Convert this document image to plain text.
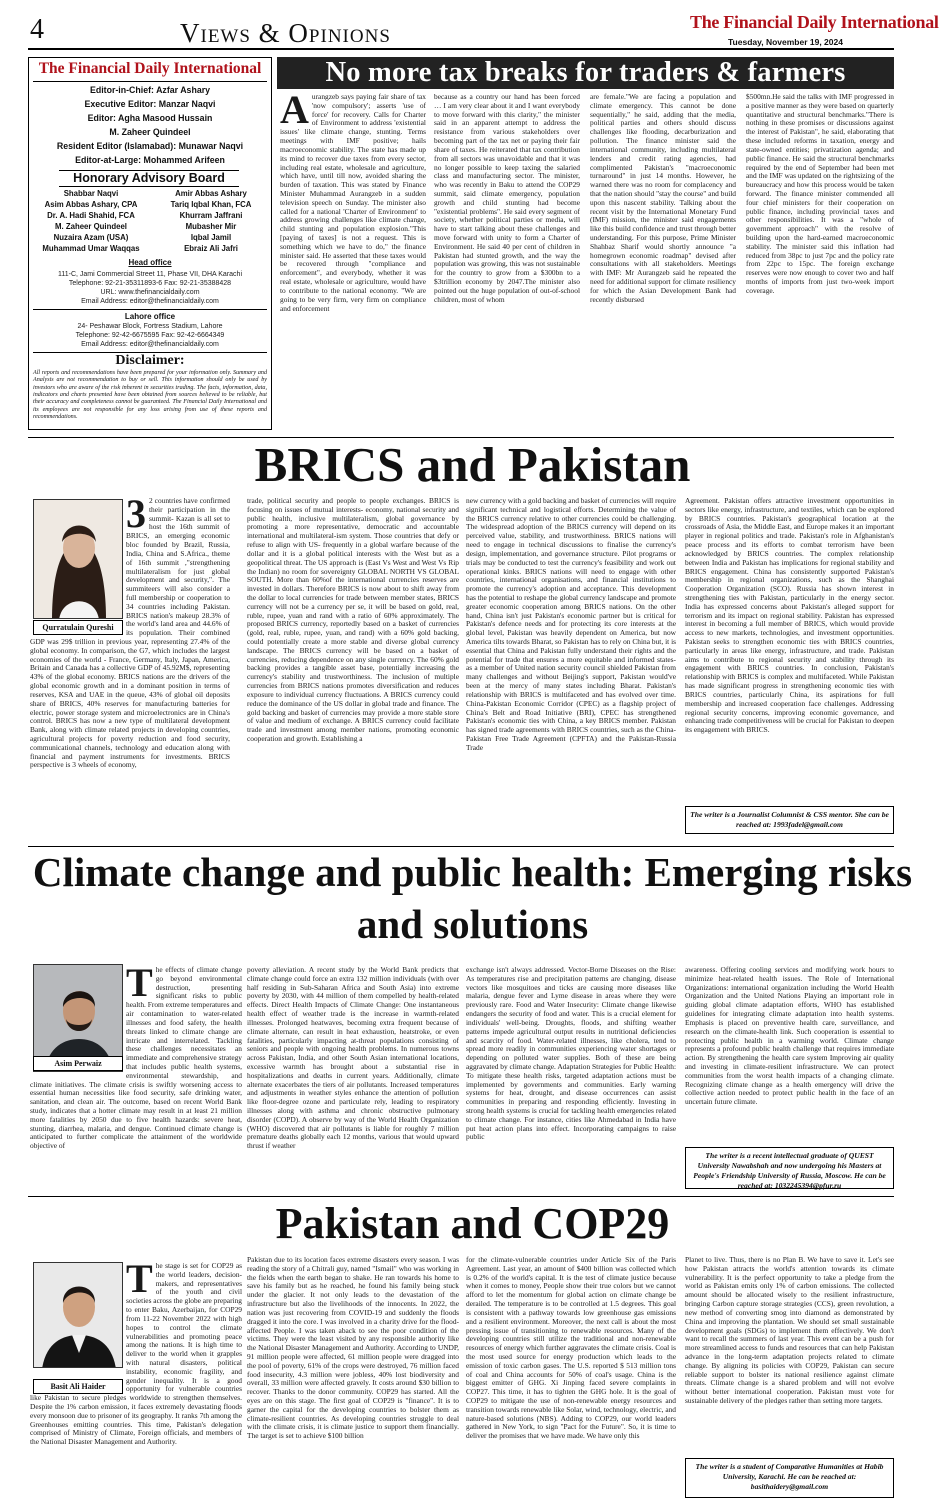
4	Views & Opinions	The Financial Daily International
Tuesday, November 19, 2024
The Financial Daily International
Editor-in-Chief: Azfar Ashary
Executive Editor: Manzar Naqvi
Editor: Agha Masood Hussain
M. Zaheer Quindeel
Resident Editor (Islamabad): Munawar Naqvi
Editor-at-Large: Mohammed Arifeen
Honorary Advisory Board
Shabbar Naqvi
Asim Abbas Ashary, CPA
Dr. A. Hadi Shahid, FCA
M. Zaheer Quindeel
Nuzaira Azam (USA)
Muhammad Umar Waqqas
Amir Abbas Ashary
Tariq Iqbal Khan, FCA
Khurram Jaffrani
Mubasher Mir
Iqbal Jamil
Ebraiz Ali Jafri
Head office
111-C, Jami Commercial Street 11, Phase VII, DHA Karachi
Telephone: 92-21-35311893-6 Fax: 92-21-35388428
URL: www.thefinancialdaily.com
Email Address: editor@thefinancialdaily.com
Lahore office
24- Peshawar Block, Fortress Stadium, Lahore
Telephone: 92-42-6675595 Fax: 92-42-6664349
Email Address: editor@thefinancialdaily.com
Disclaimer:
All reports and recommendations have been prepared for your information only. Summary and Analysis are not recommendation to buy or sell. This information should only be used by investors who are aware of the risk inherent in securities trading. The facts, information, data, indicators and charts presented have been obtained from sources believed to be reliable, but their accuracy and completeness cannot be guaranteed. The Financial Daily International and its employees are not responsible for any loss arising from use of these reports and recommendations.
No more tax breaks for traders & farmers
Aurangzeb says paying fair share of tax 'now compulsory'; asserts 'use of force' for recovery. Calls for Charter of Environment to address 'existential issues' like climate change, stunting. Terms meetings with IMF positive; hails macroeconomic stability. The state has made up its mind to recover due taxes from every sector, including real estate, wholesale and agriculture, which have, until till now, avoided sharing the burden of taxation. This was stated by Finance Minister Muhammad Aurangzeb in a sudden television speech on Sunday. The minister also called for a national 'Charter of Environment' to address growing challenges like climate change, child stunting and population explosion."This [paying of taxes] is not a request. This is something which we have to do," the finance minister said. He asserted that these taxes would be recovered through "compliance and enforcement", and everybody, whether it was real estate, wholesale or agriculture, would have to contribute to the national economy. "We are going to be very firm, very firm on compliance and enforcement
because as a country our hand has been forced … I am very clear about it and I want everybody to move forward with this clarity," the minister said in an apparent attempt to address the resistance from various stakeholders over becoming part of the tax net or paying their fair share of taxes. He reiterated that tax contribution from all sectors was unavoidable and that it was no longer possible to keep taxing the salaried class and manufacturing sector. The minister, who was recently in Baku to attend the COP29 summit, said climate emergency, population growth and child stunting had become "existential problems". He said every segment of society, whether political parties or media, will have to start talking about these challenges and move forward with unity to form a Charter of Environment. He said 40 per cent of children in Pakistan had stunted growth, and the way the population was growing, this was not sustainable for the country to grow from a $300bn to a $3trillion economy by 2047.The minister also pointed out the huge population of out-of-school children, most of whom
are female."We are facing a population and climate emergency. This cannot be done sequentially," he said, adding that the media, political parties and others should discuss challenges like flooding, decarburization and pollution. The finance minister said the international community, including multilateral lenders and credit rating agencies, had complimented Pakistan's "macroeconomic turnaround" in just 14 months. However, he warned there was no room for complacency and that the nation should "stay the course" and build upon this nascent stability. Talking about the recent visit by the International Monetary Fund (IMF) mission, the minister said engagements like this build confidence and trust through better understanding. For this purpose, Prime Minister Shahbaz Sharif would shortly announce "a homegrown economic roadmap" devised after consultations with all stakeholders. Meetings with IMF: Mr Aurangzeb said he repeated the need for additional support for climate resiliency for which the Asian Development Bank had recently disbursed
$500mn.He said the talks with IMF progressed in a positive manner as they were based on quarterly quantitative and structural benchmarks."There is nothing in these promises or discussions against the interest of Pakistan", he said, elaborating that these included reforms in taxation, energy and state-owned entities; privatization agenda; and public finance. He said the structural benchmarks required by the end of September had been met and the IMF was updated on the rightsizing of the bureaucracy and how this process would be taken forward. The finance minister commended all four chief ministers for their cooperation on public finance, including provincial taxes and other responsibilities. It was a "whole of government approach" with the resolve of building upon the hard-earned macroeconomic stability. The minister said this inflation had reduced from 38pc to just 7pc and the policy rate from 22pc to 15pc. The foreign exchange reserves were now enough to cover two and half months of imports from just two-week import coverage.
BRICS and Pakistan
Qurratulain Qureshi
3 2 countries have confirmed their participation in the summit- Kazan is all set to host the 16th summit of BRICS, an emerging economic bloc founded by Brazil, Russia, India, China and S.Africa., theme of 16th summit ,"strengthening multilateralism for just global development and security,". The summiteers will also consider a full membership or cooperation to 34 countries including Pakistan. BRICS nation's makeup 28.3% of the world's land area and 44.6% of its population. Their combined GDP was 29$ trillion in previous year, representing 27.4% of the global economy. In comparison, the G7, which includes the largest economies of the world - France, Germany, Italy, Japan, America, Britain and Canada has a collective GDP of 45.92M$, representing 43% of the global economy. BRICS nations are the drivers of the global economic growth and in a dominant position in terms of reserves, KSA and UAE in the queue, 43% of global oil deposits share of BRICS, 40% reserves for manufacturing batteries for electric, power storage system and microelectronics are in China's control. BRICS has now a new type of multilateral development Bank, along with climate related projects in developing countries, agricultural projects for poverty reduction and food security, communicational channels, technology and education along with financial and payment instruments for investments. BRICS perspective is 3 wheels of economy,
trade, political security and people to people exchanges. BRICS is focusing on issues of mutual interests- economy, national security and public health, inclusive multilateralism, global governance by promoting a more representative, democratic and accountable international and multilateral-ism system. Those countries that defy or refuse to align with US- frequently in a global warfare because of the dollar and it is a global political interests with the West but as a geopolitical threat. The US approach is (East Vs West and West Vs Rip the Indian) no room for sovereignty GLOBAL NORTH VS GLOBAL SOUTH. More than 60%of the international currencies reserves are invested in dollars. Therefore BRICS is now about to shift away from the dollar to local currencies for trade between member states, BRICS currency will not be a currency per se, it will be based on gold, real, ruble, rupee, yuan and rand with a ratio of 60% approximately. The proposed BRICS currency, reportedly based on a basket of currencies (gold, real, ruble, rupee, yuan, and rand) with a 60% gold backing, could potentially create a more stable and diverse global currency landscape. The BRICS currency will be based on a basket of currencies, reducing dependence on any single currency. The 60% gold backing provides a tangible asset base, potentially increasing the currency's stability and trustworthiness. The inclusion of multiple currencies from BRICS nations promotes diversification and reduces exposure to individual currency fluctuations. A BRICS currency could reduce the dominance of the US dollar in global trade and finance. The gold backing and basket of currencies may provide a more stable store of value and medium of exchange. A BRICS currency could facilitate trade and investment among member nations, promoting economic cooperation and growth. Establishing a
new currency with a gold backing and basket of currencies will require significant technical and logistical efforts. Determining the value of the BRICS currency relative to other currencies could be challenging. The widespread adoption of the BRICS currency will depend on its perceived value, stability, and trustworthiness. BRICS nations will need to engage in technical discussions to finalise the currency's design, implementation, and governance structure. Pilot programs or trials may be conducted to test the currency's feasibility and work out operational kinks. BRICS nations will need to engage with other countries, international organisations, and financial institutions to promote the currency's adoption and acceptance. This development has the potential to reshape the global currency landscape and promote greater economic cooperation among BRICS nations. On the other hand, China isn't just Pakistan's economic partner but is critical for Pakistan's defence needs and for protecting its core interests at the global level, Pakistan was heavily dependent on America, but now America tilts towards Bharat, so Pakistan has to rely on China but, it is essential that China and Pakistan fully understand their rights and the potential for trade that ensures a more equitable and informed states- as a member of United nation security council shielded Pakistan from many challenges and without Beijing's support, Pakistan would've been at the mercy of many states including Bharat. Pakistan's relationship with BRICS is multifaceted and has evolved over time. China-Pakistan Economic Corridor (CPEC) as a flagship project of China's Belt and Road Initiative (BRI), CPEC has strengthened Pakistan's economic ties with China, a key BRICS member. Pakistan has signed trade agreements with BRICS countries, such as the China-Pakistan Free Trade Agreement (CPFTA) and the Pakistan-Russia Trade
Agreement. Pakistan offers attractive investment opportunities in sectors like energy, infrastructure, and textiles, which can be explored by BRICS countries. Pakistan's geographical location at the crossroads of Asia, the Middle East, and Europe makes it an important player in regional politics and trade. Pakistan's role in Afghanistan's peace process and its efforts to combat terrorism have been acknowledged by BRICS countries. The complex relationship between India and Pakistan has implications for regional stability and BRICS engagement. China has consistently supported Pakistan's membership in regional organizations, such as the Shanghai Cooperation Organization (SCO). Russia has shown interest in strengthening ties with Pakistan, particularly in the energy sector. India has expressed concerns about Pakistan's alleged support for terrorism and its impact on regional stability. Pakistan has expressed interest in becoming a full member of BRICS, which would provide access to new markets, technologies, and investment opportunities. Pakistan seeks to strengthen economic ties with BRICS countries, particularly in areas like energy, infrastructure, and trade. Pakistan aims to contribute to regional security and stability through its engagement with BRICS countries. In conclusion, Pakistan's relationship with BRICS is complex and multifaceted. While Pakistan has made significant progress in strengthening economic ties with BRICS countries, particularly China, its aspirations for full membership and increased cooperation face challenges. Addressing regional security concerns, improving economic governance, and enhancing trade competitiveness will be crucial for Pakistan to deepen its engagement with BRICS.
The writer is a Journalist Columnist & CSS mentor. She can be reached at: 1993fadel@gmail.com
Climate change and public health: Emerging risks and solutions
Asim Perwaiz
The effects of climate change go beyond environmental destruction, presenting significant risks to public health. From extreme temperatures and air contamination to water-related illnesses and food safety, the health threats linked to climate change are intricate and interrelated. Tackling these challenges necessitates an immediate and comprehensive strategy that includes public health systems, environmental stewardship, and climate initiatives. The climate crisis is swiftly worsening access to essential human necessities like food security, safe drinking water, sanitation, and clean air. The outcome, based on recent World Bank study, indicates that a hotter climate may result in at least 21 million more fatalities by 2050 due to five health hazards: severe heat, stunting, diarrhea, malaria, and dengue. Continued climate change is anticipated to further complicate the attainment of the worldwide objective of
poverty alleviation. A recent study by the World Bank predicts that climate change could force an extra 132 million individuals (with over half residing in Sub-Saharan Africa and South Asia) into extreme poverty by 2030, with 44 million of them compelled by health-related effects. Direct Health Impacts of Climate Change: One instantaneous health effect of weather trade is the increase in warmth-related illnesses. Prolonged heatwaves, becoming extra frequent because of climate alternate, can result in heat exhaustion, heatstroke, or even fatalities, particularly impacting at-threat populations consisting of seniors and people with ongoing health problems. In numerous towns across Pakistan, India, and other South Asian international locations, excessive warmth has brought about a substantial rise in hospitalizations and deaths in current years. Additionally, climate alternate exacerbates the tiers of air pollutants. Increased temperatures and adjustments in weather styles enhance the attention of pollution like floor-degree ozone and particulate rely, leading to respiratory illnesses along with asthma and chronic obstructive pulmonary disorder (COPD). A observe by way of the World Health Organization (WHO) discovered that air pollutants is liable for roughly 7 million premature deaths globally each 12 months, various that would upward thrust if weather
exchange isn't always addressed. Vector-Borne Diseases on the Rise: As temperatures rise and precipitation patterns are changing, disease vectors like mosquitoes and ticks are causing more diseases like malaria, dengue fever and Lyme disease in areas where they were previously rare. Food and Water Insecurity: Climate change likewise endangers the security of food and water. This is a crucial element for individuals' well-being. Droughts, floods, and shifting weather patterns impede agricultural output results in nutritional deficiencies and scarcity of food. Water-related illnesses, like cholera, tend to spread more readily in communities experiencing water shortages or depending on polluted water supplies. Both of these are being aggravated by climate change. Adaptation Strategies for Public Health: To mitigate these health risks, targeted adaptation actions must be implemented by governments and communities. Early warning systems for heat, drought, and disease occurrences can assist communities in preparing and responding efficiently. Investing in strong health systems is crucial for tackling health emergencies related to climate change. For instance, cities like Ahmedabad in India have put heat action plans into effect. Incorporating campaigns to raise public
awareness. Offering cooling services and modifying work hours to minimize heat-related health issues. The Role of International Organizations: international organization including the World Health Organization and the United Nations Playing an important role in guiding global climate adaptation efforts, WHO has established guidelines for integrating climate adaptation into health systems. Emphasis is placed on preventive health care, surveillance, and research on the climate-health link. Such cooperation is essential to protecting public health in a warming world. Climate change represents a profound public health challenge that requires immediate action. By strengthening the health care system Improving air quality and investing in climate-resilient infrastructure. We can protect communities from the worst health impacts of a changing climate. Recognizing climate change as a health emergency will drive the collective action needed to protect public health in the face of an uncertain future climate.
The writer is a recent intellectual graduate of QUEST University Nawabshah and now undergoing his Masters at People's Friendship University of Russia, Moscow. He can be reached at: 1032245394@pfur.ru
Pakistan and COP29
Basit Ali Haider
The stage is set for COP29 as the world leaders, decision-makers, and representatives of the youth and civil societies across the globe are preparing to enter Baku, Azerbaijan, for COP29 from 11-22 November 2022 with high hopes to control the climate vulnerabilities and promoting peace among the nations. It is high time to deliver to the world when it grapples with natural disasters, political instability, economic fragility, and gender inequality. It is a good opportunity for vulnerable countries like Pakistan to secure pledges worldwide to strengthen themselves. Despite the 1% carbon emission, it faces extremely devastating floods every monsoon due to prisoner of its geography. It ranks 7th among the Greenhouses emitting countries. This time, Pakistan's delegation comprised of Ministry of Climate, Foreign officials, and members of the National Disaster Management and Authority.
Pakistan due to its location faces extreme disasters every season. I was reading the story of a Chitrali guy, named "Ismail" who was working in the fields when the earth began to shake. He ran towards his home to save his family but as he reached, he found his family being stuck under the glacier. It not only leads to the devastation of the infrastructure but also the livelihoods of the innocents. In 2022, the nation was just recovering from COVID-19 and suddenly the floods dragged it into the core. I was involved in a charity drive for the flood-affected People. I was taken aback to see the poor condition of the victims. They were the least visited by any responsible authority like the National Disaster Management and Authority. According to UNDP, 91 million people were affected, 61 million people were dragged into the pool of poverty, 61% of the crops were destroyed, 76 million faced food insecurity, 4.3 million were jobless, 40% lost biodiversity and overall, 33 million were affected gravely. It costs around $30 billion to recover. Thanks to the donor community. COP29 has started. All the eyes are on this stage. The first goal of COP29 is "finance". It is to garner the capital for the developing countries to bolster them as climate-resilient countries. As developing countries struggle to deal with the climate crisis, it is climate justice to support them financially. The target is set to achieve $100 billion
for the climate-vulnerable countries under Article Six of the Paris Agreement. Last year, an amount of $400 billion was collected which is 0.2% of the world's capital. It is the test of climate justice because when it comes to money, People show their true colors but we cannot afford to let the momentum for global action on climate change be derailed. The temperature is to be controlled at 1.5 degrees. This goal is consistent with a pathway towards low greenhouse gas emissions and a resilient environment. Moreover, the next call is about the most pressing issue of transitioning to renewable resources. Many of the developing countries still utilize the traditional and non-renewable resources of energy which further aggravates the climate crisis. Coal is the most used source for energy production which leads to the emission of toxic carbon gases. The U.S. reported $ 513 million tons of coal and China accounts for 50% of coal's usage. China is the biggest emitter of GHG. Xi Jinping faced severe complaints in COP27. This time, it has to tighten the GHG hole. It is the goal of COP29 to mitigate the use of non-renewable energy resources and transition towards renewable like Solar, wind, technology, electric, and nature-based solutions (NBS). Adding to COP29, our world leaders gathered in New York, to sign "Pact for the Future". So, it is time to deliver the promises that we have made. We have only this
Planet to live. Thus, there is no Plan B. We have to save it. Let's see how Pakistan attracts the world's attention towards its climate vulnerability. It is the perfect opportunity to take a pledge from the world as Pakistan emits only 1% of carbon emissions. The collected amount should be allocated wisely to the resilient infrastructure, bringing Carbon capture storage strategies (CCS), green revolution, a new method of converting smog into diamond as demonstrated by China and improving the plantation. We should set small sustainable development goals (SDGs) to implement them effectively. We don't want to recall the summers of last year. This event can be a push for more streamlined access to funds and resources that can help Pakistan advance in the long-term adaptation projects related to climate change. By aligning its policies with COP29, Pakistan can secure reliable support to bolster its national resilience against climate threats. Climate change is a shared problem and will not evolve without better international cooperation. Pakistan must vote for sustainable delivery of the pledges rather than setting more targets.
The writer is a student of Comparative Humanities at Habib University, Karachi. He can be reached at: basithaidery@gmail.com
